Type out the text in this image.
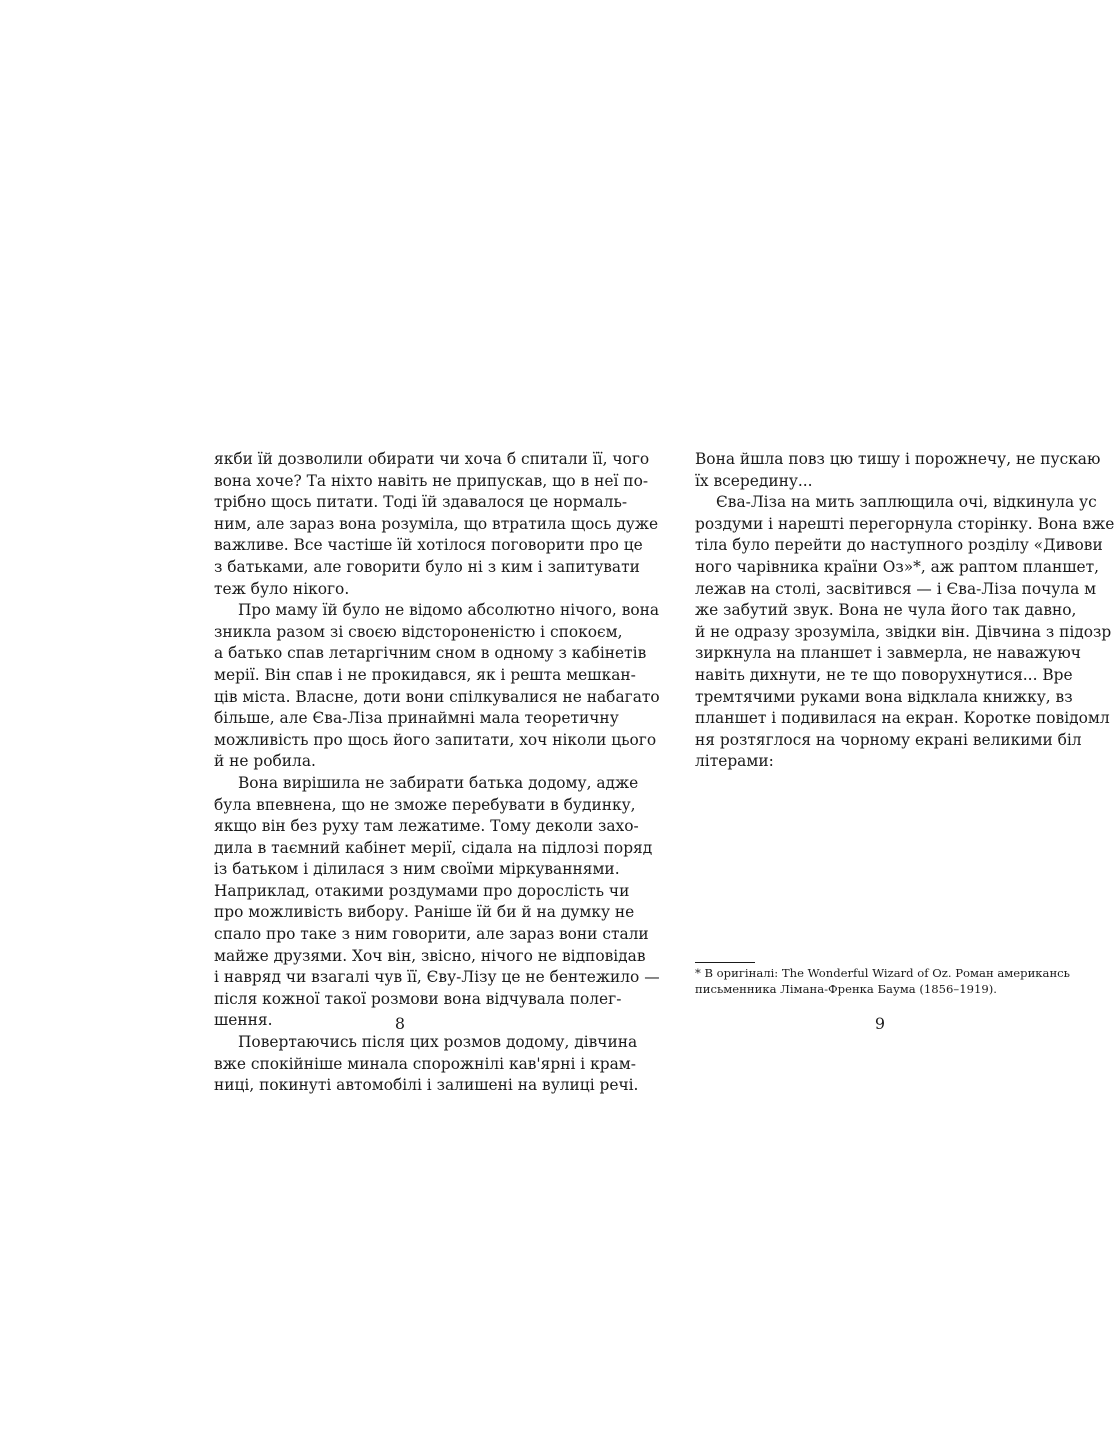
якби їй дозволили обирати чи хоча б спитали її, чого
вона хоче? Та ніхто навіть не припускав, що в неї по-
трібно щось питати. Тоді їй здавалося це нормаль-
ним, але зараз вона розуміла, що втратила щось дуже
важливе. Все частіше їй хотілося поговорити про це
з батьками, але говорити було ні з ким і запитувати
теж було нікого.
Про маму їй було не відомо абсолютно нічого, вона
зникла разом зі своєю відстороненістю і спокоєм,
а батько спав летаргічним сном в одному з кабінетів
мерії. Він спав і не прокидався, як і решта мешкан-
ців міста. Власне, доти вони спілкувалися не набагато
більше, але Єва-Ліза принаймні мала теоретичну
можливість про щось його запитати, хоч ніколи цього
й не робила.
Вона вирішила не забирати батька додому, адже
була впевнена, що не зможе перебувати в будинку,
якщо він без руху там лежатиме. Тому деколи захо-
дила в таємний кабінет мерії, сідала на підлозі поряд
із батьком і ділилася з ним своїми міркуваннями.
Наприклад, отакими роздумами про дорослість чи
про можливість вибору. Раніше їй би й на думку не
спало про таке з ним говорити, але зараз вони стали
майже друзями. Хоч він, звісно, нічого не відповідав
і навряд чи взагалі чув її, Єву-Лізу це не бентежило —
після кожної такої розмови вона відчувала полег-
шення.
Повертаючись після цих розмов додому, дівчина
вже спокійніше минала спорожнілі кав'ярні і крам-
ниці, покинуті автомобілі і залишені на вулиці речі.
8
Вона йшла повз цю тишу і порожнечу, не пускаю
їх всередину...
Єва-Ліза на мить заплющила очі, відкинула ус
роздуми і нарешті перегорнула сторінку. Вона вже
тіла було перейти до наступного розділу «Дивови
ного чарівника країни Оз»*, аж раптом планшет,
лежав на столі, засвітився — і Єва-Ліза почула м
же забутий звук. Вона не чула його так давно,
й не одразу зрозуміла, звідки він. Дівчина з підозр
зиркнула на планшет і завмерла, не наважуюч
навіть дихнути, не те що поворухнутися... Вре
тремтячими руками вона відклала книжку, вз
планшет і подивилася на екран. Коротке повідомл
ня розтяглося на чорному екрані великими біл
літерами:
* В оригіналі: The Wonderful Wizard of Oz. Роман американсь
письменника Лімана-Френка Баума (1856–1919).
9
